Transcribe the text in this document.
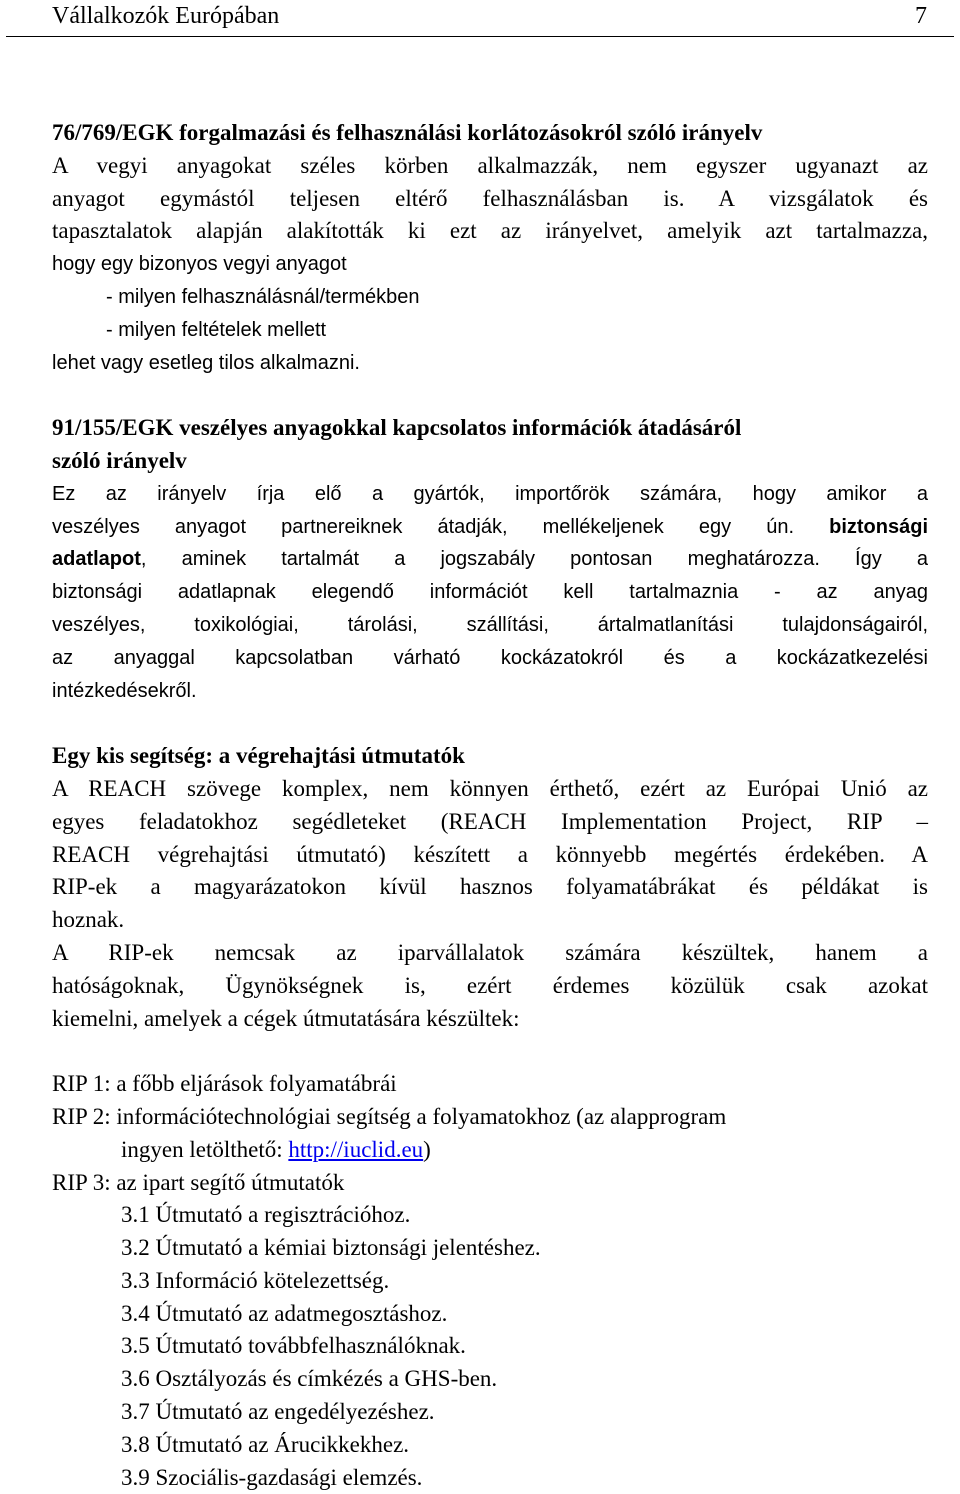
Vállalkozók Európában	7
76/769/EGK forgalmazási és felhasználási korlátozásokról szóló irányelv
A vegyi anyagokat széles körben alkalmazzák, nem egyszer ugyanazt az
anyagot egymástól teljesen eltérő felhasználásban is. A vizsgálatok és
tapasztalatok alapján alakították ki ezt az irányelvet, amelyik azt tartalmazza,
hogy egy bizonyos vegyi anyagot
- milyen felhasználásnál/termékben
- milyen feltételek mellett
lehet vagy esetleg tilos alkalmazni.
91/155/EGK veszélyes anyagokkal kapcsolatos információk átadásáról
szóló irányelv
Ez az irányelv írja elő a gyártók, importőrök számára, hogy amikor a
veszélyes anyagot partnereiknek átadják, mellékeljenek egy ún. biztonsági
adatlapot, aminek tartalmát a jogszabály pontosan meghatározza. Így a
biztonsági adatlapnak elegendő információt kell tartalmaznia - az anyag
veszélyes, toxikológiai, tárolási, szállítási, ártalmatlanítási tulajdonságairól,
az anyaggal kapcsolatban várható kockázatokról és a kockázatkezelési
intézkedésekről.
Egy kis segítség: a végrehajtási útmutatók
A REACH szövege komplex, nem könnyen érthető, ezért az Európai Unió az
egyes feladatokhoz segédleteket (REACH Implementation Project, RIP –
REACH végrehajtási útmutató) készített a könnyebb megértés érdekében. A
RIP-ek a magyarázatokon kívül hasznos folyamatábrákat és példákat is
hoznak.
A RIP-ek nemcsak az iparvállalatok számára készültek, hanem a
hatóságoknak, Ügynökségnek is, ezért érdemes közülük csak azokat
kiemelni, amelyek a cégek útmutatására készültek:
RIP 1: a főbb eljárások folyamatábrái
RIP 2: információtechnológiai segítség a folyamatokhoz (az alapprogram
ingyen letölthető: http://iuclid.eu)
RIP 3: az ipart segítő útmutatók
3.1 Útmutató a regisztrációhoz.
3.2 Útmutató a kémiai biztonsági jelentéshez.
3.3 Információ kötelezettség.
3.4 Útmutató az adatmegosztáshoz.
3.5 Útmutató továbbfelhasználóknak.
3.6 Osztályozás és címkézés a GHS-ben.
3.7 Útmutató az engedélyezéshez.
3.8 Útmutató az Árucikkekhez.
3.9 Szociális-gazdasági elemzés.
